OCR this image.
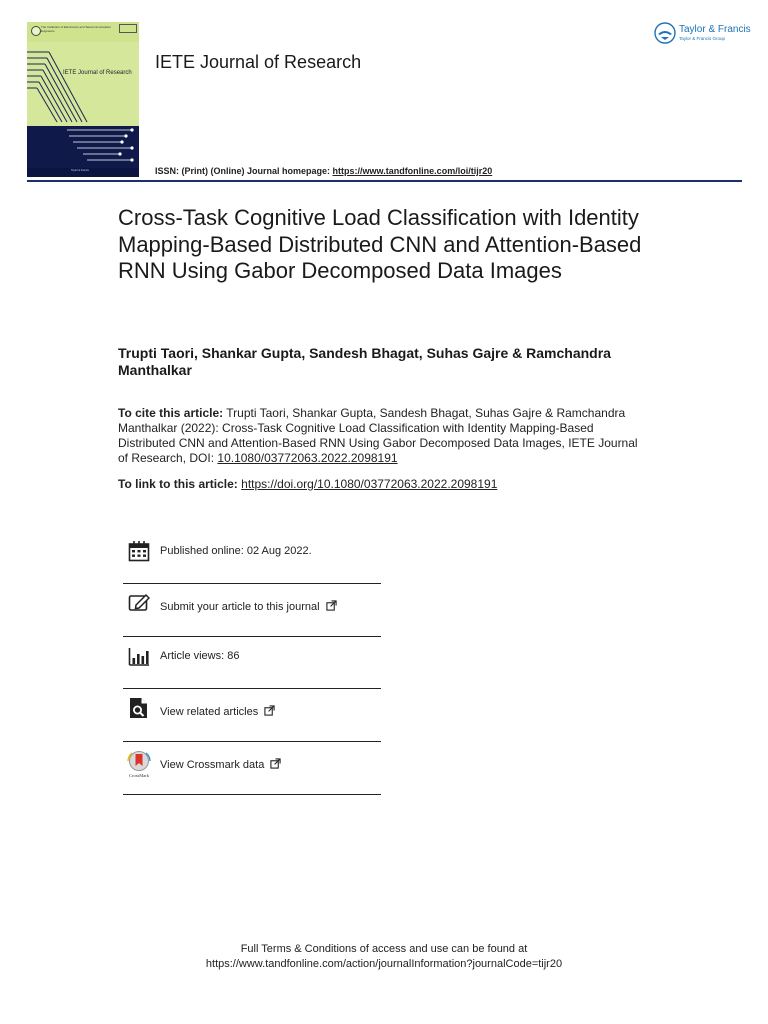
The Institution of Electronics and Telecommunication Engineers
IETE Journal of Research
Taylor & Francis
IETE Journal of Research
ISSN: (Print) (Online) Journal homepage: https://www.tandfonline.com/loi/tijr20
Taylor & Francis
Taylor & Francis Group
Cross-Task Cognitive Load Classification with Identity Mapping-Based Distributed CNN and Attention-Based RNN Using Gabor Decomposed Data Images
Trupti Taori, Shankar Gupta, Sandesh Bhagat, Suhas Gajre & Ramchandra Manthalkar
To cite this article: Trupti Taori, Shankar Gupta, Sandesh Bhagat, Suhas Gajre & Ramchandra Manthalkar (2022): Cross-Task Cognitive Load Classification with Identity Mapping-Based Distributed CNN and Attention-Based RNN Using Gabor Decomposed Data Images, IETE Journal of Research, DOI: 10.1080/03772063.2022.2098191
To link to this article: https://doi.org/10.1080/03772063.2022.2098191
Published online: 02 Aug 2022.
Submit your article to this journal
Article views: 86
View related articles
CrossMark
View Crossmark data
Full Terms & Conditions of access and use can be found at
https://www.tandfonline.com/action/journalInformation?journalCode=tijr20
